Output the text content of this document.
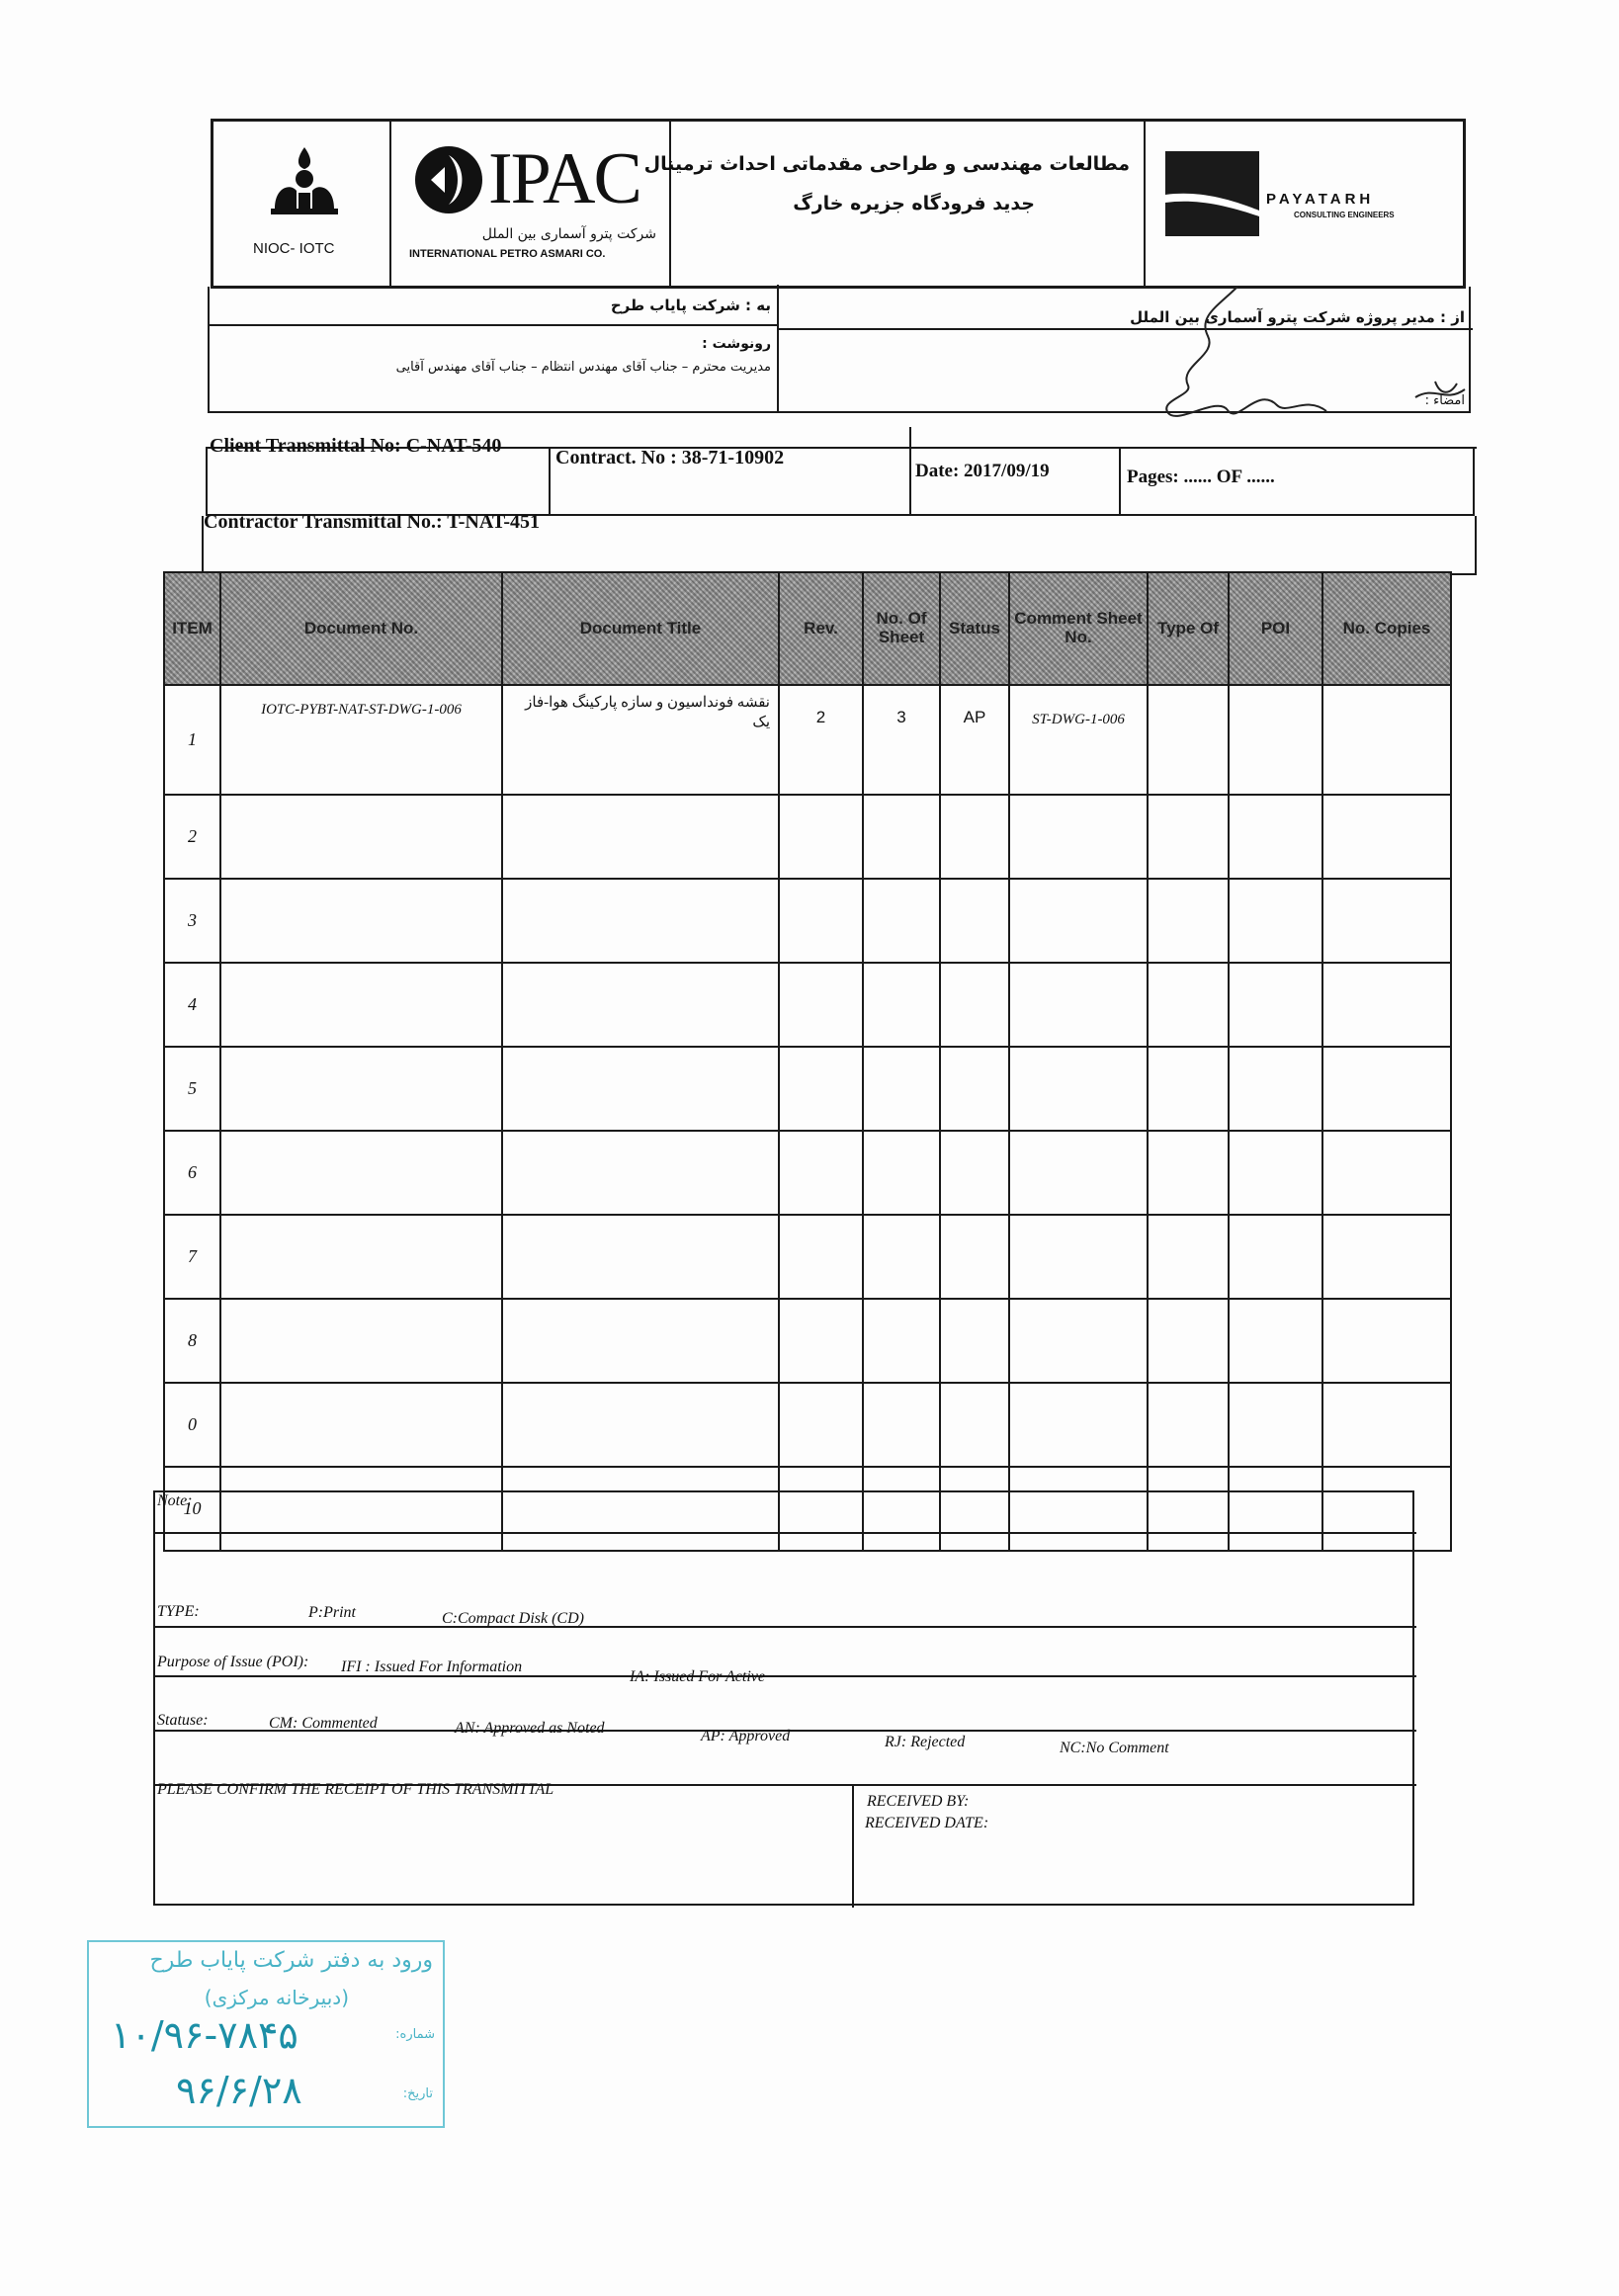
NIOC- IOTC
IPAC
شرکت پترو آسماری بین الملل
INTERNATIONAL PETRO ASMARI CO.
مطالعات مهندسی و طراحی مقدماتی احداث ترمینال
جدید فرودگاه جزیره خارگ	PAYATARH
CONSULTING ENGINEERS
به : شرکت پایاب طرح
از : مدیر پروژه شرکت پترو آسماری بین الملل
رونوشت :
مدیریت محترم – جناب آقای مهندس انتظام – جناب آقای مهندس آقایی
امضاء :
Client Transmittal No: C-NAT-540
Contract. No : 38-71-10902
Date: 2017/09/19	Pages: ...... OF ......
Contractor Transmittal No.: T-NAT-451
ITEM	Document No.	Document Title	Rev.	No. Of Sheet	Status	Comment Sheet No.	Type Of	POI	No. Copies
1	IOTC-PYBT-NAT-ST-DWG-1-006	نقشه فونداسیون و سازه پارکینگ هوا-فاز یک	2	3	AP	ST-DWG-1-006			
2									
3									
4									
5									
6									
7									
8									
0									
10									
Note:
TYPE:	P:Print	C:Compact Disk (CD)
Purpose of Issue (POI): IFI : Issued For Information
IA: Issued For Active
Statuse:	CM: Commented	AN: Approved as Noted	AP: Approved	RJ: Rejected	NC:No Comment
PLEASE CONFIRM THE RECEIPT OF THIS TRANSMITTAL
RECEIVED BY:
RECEIVED DATE:
ورود به دفتر شرکت پایاب طرح
(دبیرخانه مرکزی)
شماره:
۱۰/۹۶-۷۸۴۵
تاریخ:
۹۶/۶/۲۸
